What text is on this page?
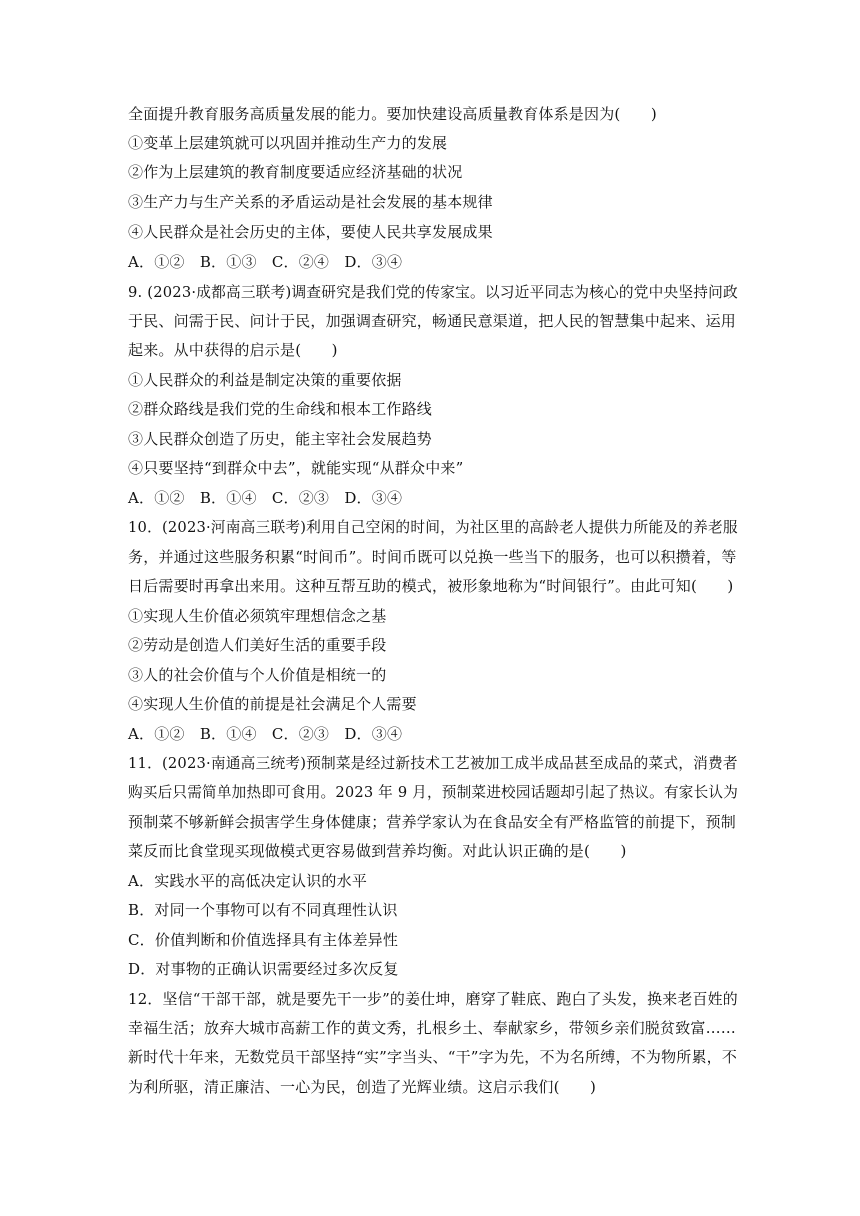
全面提升教育服务高质量发展的能力。要加快建设高质量教育体系是因为(　　)
①变革上层建筑就可以巩固并推动生产力的发展
②作为上层建筑的教育制度要适应经济基础的状况
③生产力与生产关系的矛盾运动是社会发展的基本规律
④人民群众是社会历史的主体，要使人民共享发展成果
A．①②　B．①③　C．②④　D．③④
9. (2023·成都高三联考)调查研究是我们党的传家宝。以习近平同志为核心的党中央坚持问政
于民、问需于民、问计于民，加强调查研究，畅通民意渠道，把人民的智慧集中起来、运用
起来。从中获得的启示是(　　)
①人民群众的利益是制定决策的重要依据
②群众路线是我们党的生命线和根本工作路线
③人民群众创造了历史，能主宰社会发展趋势
④只要坚持“到群众中去”，就能实现“从群众中来”
A．①②　B．①④　C．②③　D．③④
10．(2023·河南高三联考)利用自己空闲的时间，为社区里的高龄老人提供力所能及的养老服
务，并通过这些服务积累“时间币”。时间币既可以兑换一些当下的服务，也可以积攒着，等
日后需要时再拿出来用。这种互帮互助的模式，被形象地称为“时间银行”。由此可知(　　)
①实现人生价值必须筑牢理想信念之基
②劳动是创造人们美好生活的重要手段
③人的社会价值与个人价值是相统一的
④实现人生价值的前提是社会满足个人需要
A．①②　B．①④　C．②③　D．③④
11．(2023·南通高三统考)预制菜是经过新技术工艺被加工成半成品甚至成品的菜式，消费者
购买后只需简单加热即可食用。2023 年 9 月，预制菜进校园话题却引起了热议。有家长认为
预制菜不够新鲜会损害学生身体健康；营养学家认为在食品安全有严格监管的前提下，预制
菜反而比食堂现买现做模式更容易做到营养均衡。对此认识正确的是(　　)
A．实践水平的高低决定认识的水平
B．对同一个事物可以有不同真理性认识
C．价值判断和价值选择具有主体差异性
D．对事物的正确认识需要经过多次反复
12．坚信“干部干部，就是要先干一步”的姜仕坤，磨穿了鞋底、跑白了头发，换来老百姓的
幸福生活；放弃大城市高薪工作的黄文秀，扎根乡土、奉献家乡，带领乡亲们脱贫致富……
新时代十年来，无数党员干部坚持“实”字当头、“干”字为先，不为名所缚，不为物所累，不
为利所驱，清正廉洁、一心为民，创造了光辉业绩。这启示我们(　　)
